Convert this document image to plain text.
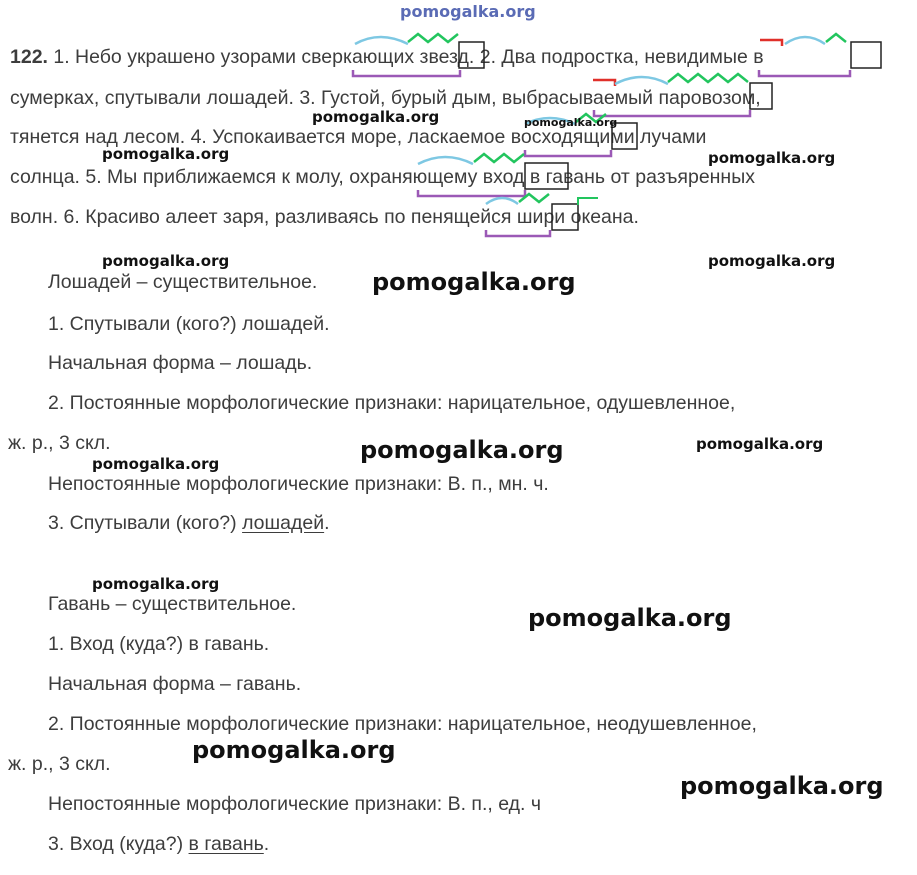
pomogalka.org
122. 1. Небо украшено узорами сверкающих звезд. 2. Два подростка, невидимые в
сумерках, спутывали лошадей. 3. Густой, бурый дым, выбрасываемый паровозом,
тянется над лесом. 4. Успокаивается море, ласкаемое восходящими лучами
солнца. 5. Мы приближаемся к молу, охраняющему вход в гавань от разъяренных
волн. 6. Красиво алеет заря, разливаясь по пенящейся шири океана.
pomogalka.org
pomogalka.org	pomogalka.org
pomogalka.org
pomogalka.org	pomogalka.org
Лошадей – существительное. pomogalka.org
1. Спутывали (кого?) лошадей.
Начальная форма – лошадь.
2. Постоянные морфологические признаки: нарицательное, одушевленное,
ж. р., 3 скл.	pomogalka.org	pomogalka.org
pomogalka.org
Непостоянные морфологические признаки: В. п., мн. ч.
3. Спутывали (кого?) лошадей.
pomogalka.org
Гавань – существительное.	pomogalka.org
1. Вход (куда?) в гавань.
Начальная форма – гавань.
2. Постоянные морфологические признаки: нарицательное, неодушевленное,
pomogalka.org
ж. р., 3 скл.
pomogalka.org
Непостоянные морфологические признаки: В. п., ед. ч
3. Вход (куда?) в гавань.
